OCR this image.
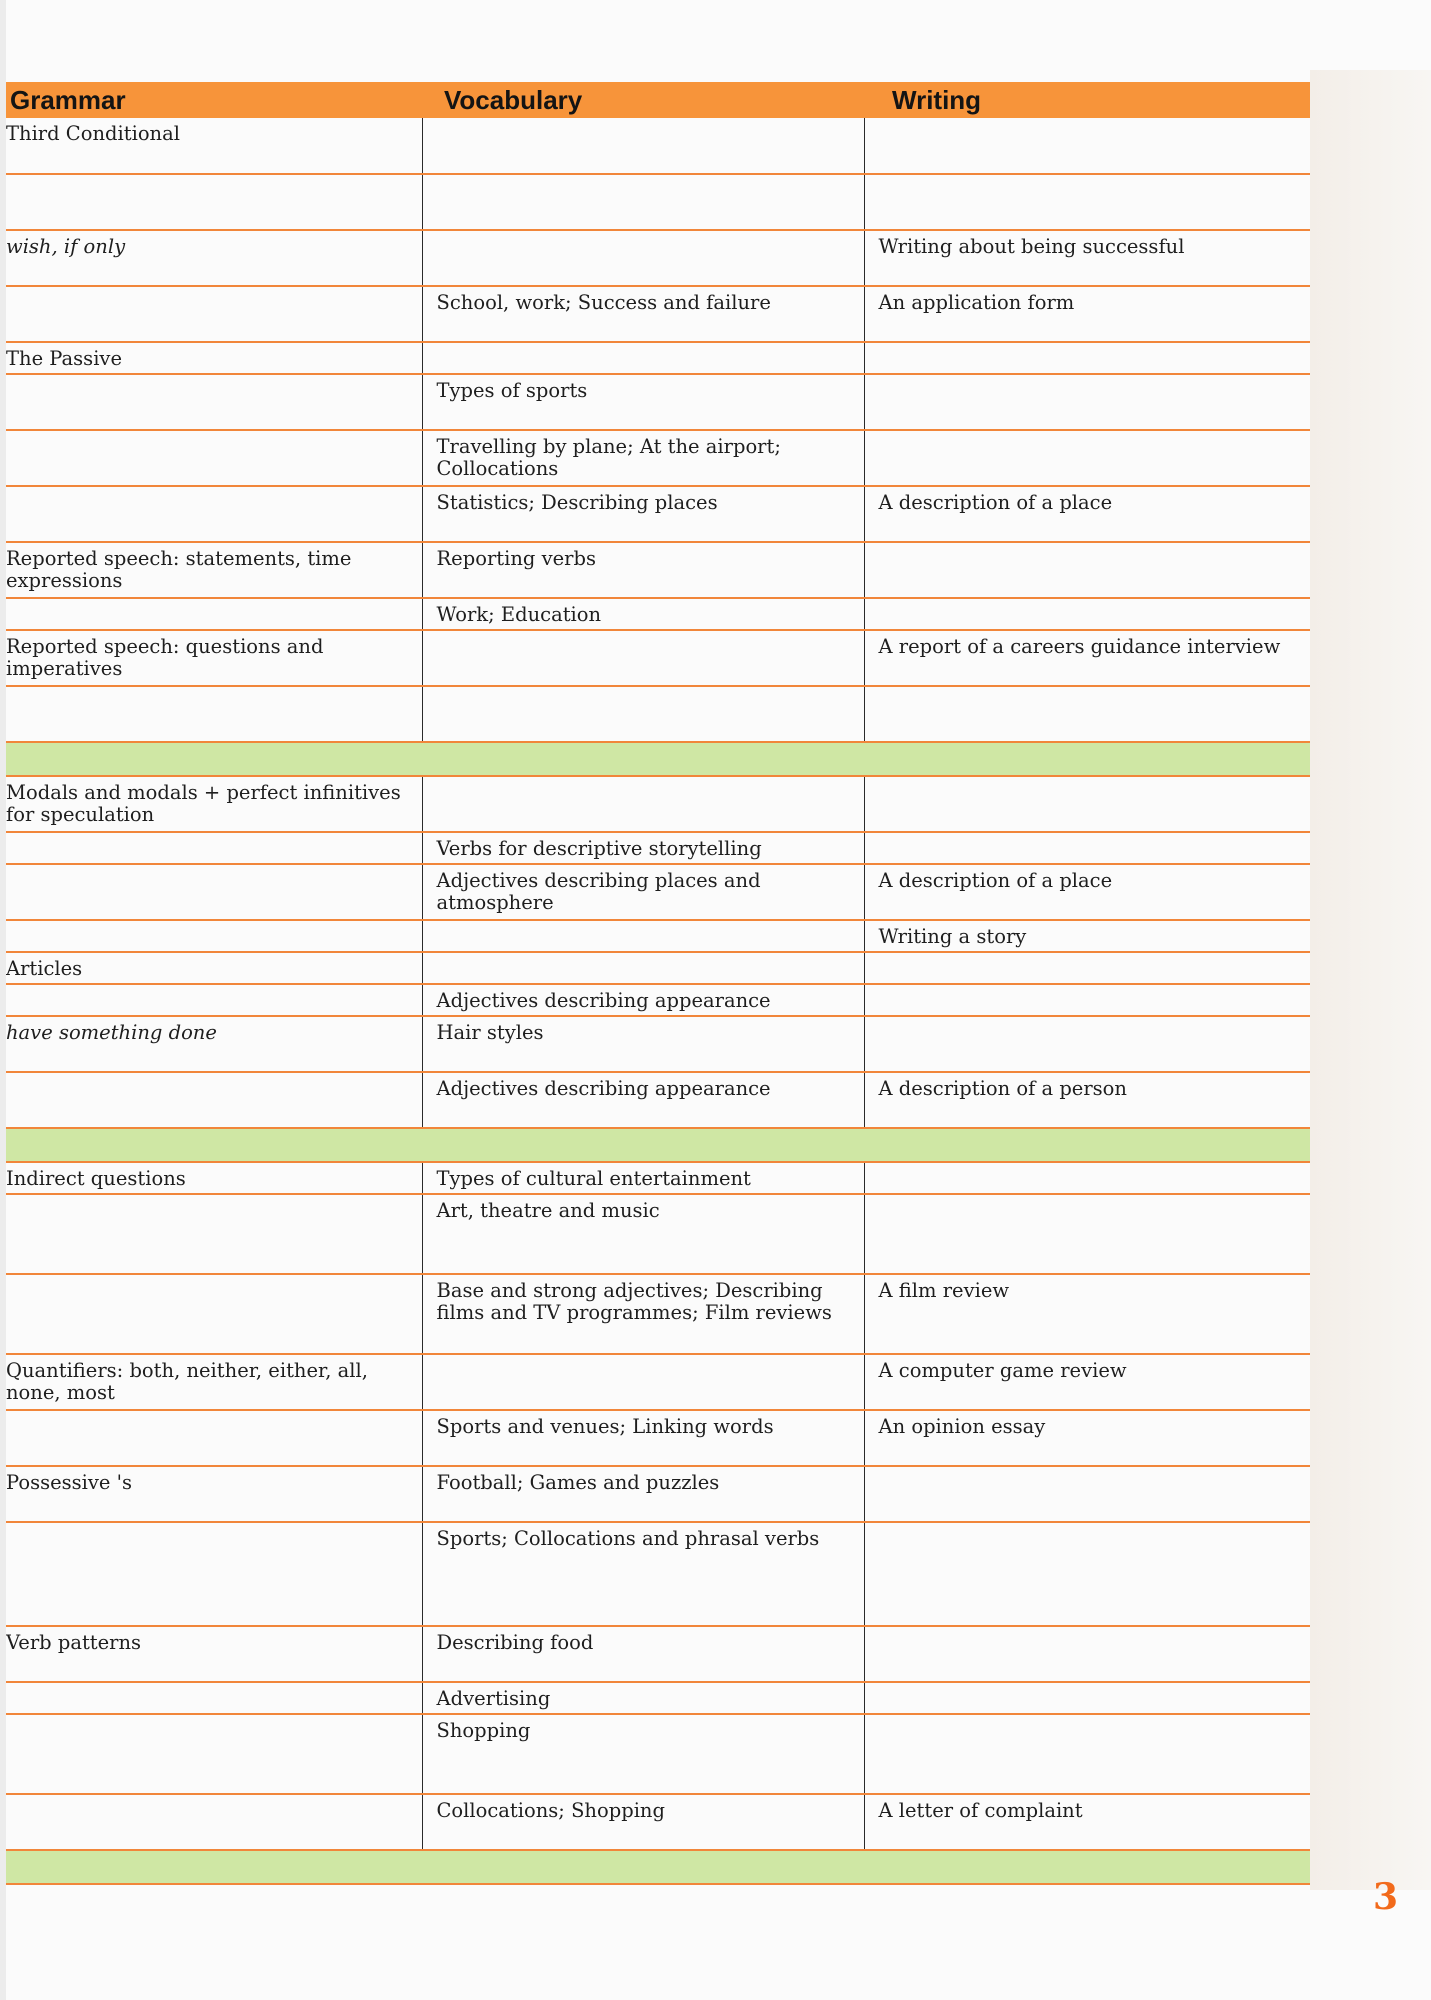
Grammar	Vocabulary	Writing
Third Conditional		

wish, if only		Writing about being successful
	School, work; Success and failure	An application form
The Passive		
	Types of sports	
	Travelling by plane; At the airport; Collocations	
	Statistics; Describing places	A description of a place
Reported speech: statements, time expressions	Reporting verbs	
	Work; Education	
Reported speech: questions and imperatives		A report of a careers guidance interview

Modals and modals + perfect infinitives for speculation		
	Verbs for descriptive storytelling	
	Adjectives describing places and atmosphere	A description of a place
		Writing a story
Articles		
	Adjectives describing appearance	
have something done	Hair styles	
	Adjectives describing appearance	A description of a person

Indirect questions	Types of cultural entertainment	
	Art, theatre and music	
	Base and strong adjectives; Describing films and TV programmes; Film reviews	A film review
Quantifiers: both, neither, either, all, none, most		A computer game review
	Sports and venues; Linking words	An opinion essay
Possessive 's	Football; Games and puzzles	
	Sports; Collocations and phrasal verbs	
Verb patterns	Describing food	
	Advertising	
	Shopping	
	Collocations; Shopping	A letter of complaint

3
